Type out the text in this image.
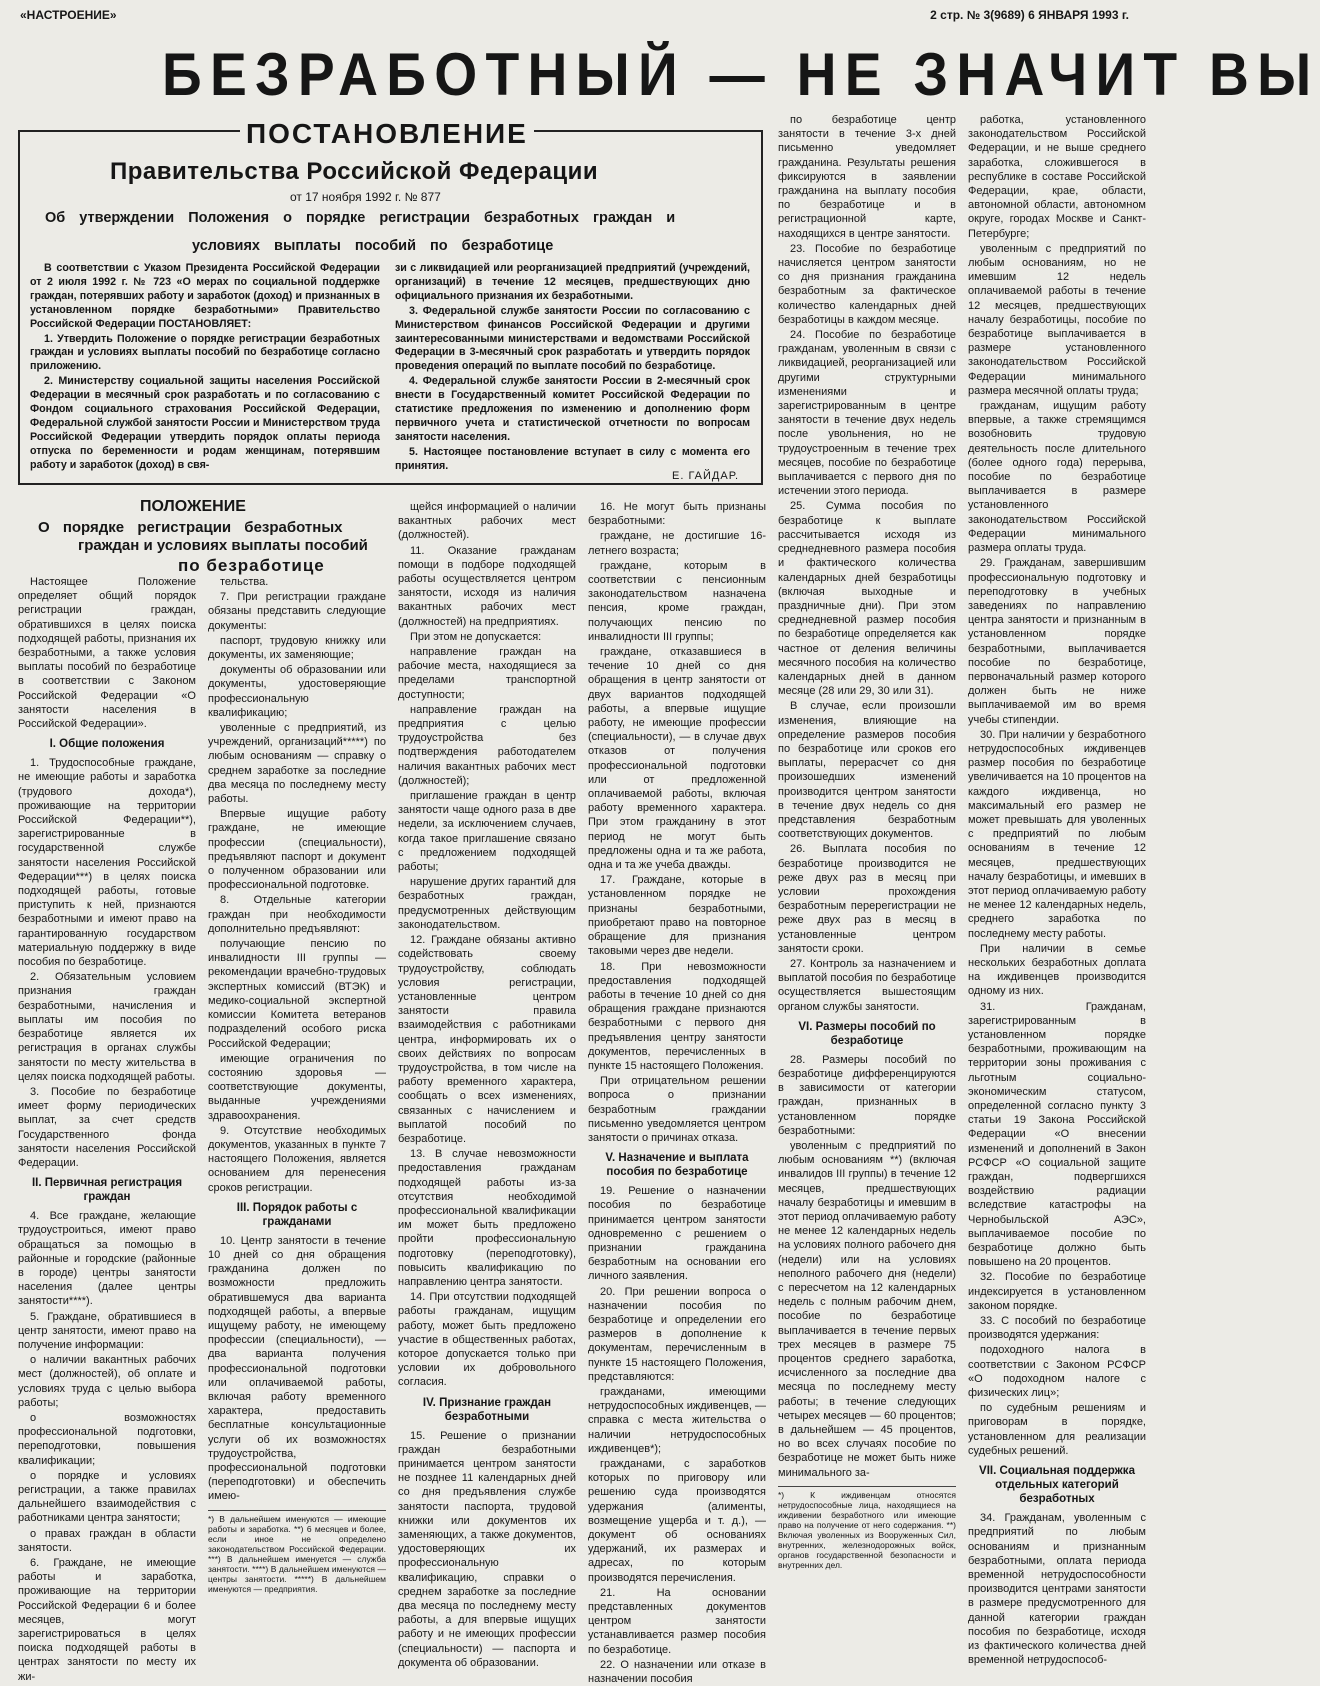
«НАСТРОЕНИЕ»	2 стр. № 3(9689) 6 ЯНВАРЯ 1993 г.
БЕЗРАБОТНЫЙ — НЕ ЗНАЧИТ ВЫ
ПОСТАНОВЛЕНИЕ
Правительства Российской Федерации
от 17 ноября 1992 г. № 877
Об утверждении Положения о порядке регистрации безработных граждан и
условиях выплаты пособий по безработице

В соответствии с Указом Президента Российской Федерации от 2 июля 1992 г. № 723 «О мерах по социальной поддержке граждан, потерявших работу и заработок (доход) и признанных в установленном порядке безработными» Правительство Российской Федерации ПОСТАНОВЛЯЕТ:

1. Утвердить Положение о порядке регистрации безработных граждан и условиях выплаты пособий по безработице согласно приложению.

2. Министерству социальной защиты населения Российской Федерации в месячный срок разработать и по согласованию с Фондом социального страхования Российской Федерации, Федеральной службой занятости России и Министерством труда Российской Федерации утвердить порядок оплаты периода отпуска по беременности и родам женщинам, потерявшим работу и заработок (доход) в свя-

зи с ликвидацией или реорганизацией предприятий (учреждений, организаций) в течение 12 месяцев, предшествующих дню официального признания их безработными.

3. Федеральной службе занятости России по согласованию с Министерством финансов Российской Федерации и другими заинтересованными министерствами и ведомствами Российской Федерации в 3-месячный срок разработать и утвердить порядок проведения операций по выплате пособий по безработице.

4. Федеральной службе занятости России в 2-месячный срок внести в Государственный комитет Российской Федерации по статистике предложения по изменению и дополнению форм первичного учета и статистической отчетности по вопросам занятости населения.

5. Настоящее постановление вступает в силу с момента его принятия.

Е. ГАЙДАР.
ПОЛОЖЕНИЕ
О порядке регистрации безработных
граждан и условиях выплаты пособий
по безработице

Настоящее Положение определяет общий порядок регистрации граждан, обратившихся в целях поиска подходящей работы, признания их безработными, а также условия выплаты пособий по безработице в соответствии с Законом Российской Федерации «О занятости населения в Российской Федерации».

I. Общие положения

1. Трудоспособные граждане, не имеющие работы и заработка (трудового дохода*), проживающие на территории Российской Федерации**), зарегистрированные в государственной службе занятости населения Российской Федерации***) в целях поиска подходящей работы, готовые приступить к ней, признаются безработными и имеют право на гарантированную государством материальную поддержку в виде пособия по безработице.

2. Обязательным условием признания граждан безработными, начисления и выплаты им пособия по безработице является их регистрация в органах службы занятости по месту жительства в целях поиска подходящей работы.

3. Пособие по безработице имеет форму периодических выплат, за счет средств Государственного фонда занятости населения Российской Федерации.

II. Первичная регистрация граждан

4. Все граждане, желающие трудоустроиться, имеют право обращаться за помощью в районные и городские (районные в городе) центры занятости населения (далее центры занятости****).

5. Граждане, обратившиеся в центр занятости, имеют право на получение информации:

о наличии вакантных рабочих мест (должностей), об оплате и условиях труда с целью выбора работы;

о возможностях профессиональной подготовки, переподготовки, повышения квалификации;

о порядке и условиях регистрации, а также правилах дальнейшего взаимодействия с работниками центра занятости;

о правах граждан в области занятости.

6. Граждане, не имеющие работы и заработка, проживающие на территории Российской Федерации 6 и более месяцев, могут зарегистрироваться в целях поиска подходящей работы в центрах занятости по месту их жи-

тельства.

7. При регистрации граждане обязаны представить следующие документы:

паспорт, трудовую книжку или документы, их заменяющие;

документы об образовании или документы, удостоверяющие профессиональную квалификацию;

уволенные с предприятий, из учреждений, организаций*****) по любым основаниям — справку о среднем заработке за последние два месяца по последнему месту работы.

Впервые ищущие работу граждане, не имеющие профессии (специальности), предъявляют паспорт и документ о полученном образовании или профессиональной подготовке.

8. Отдельные категории граждан при необходимости дополнительно предъявляют:

получающие пенсию по инвалидности III группы — рекомендации врачебно-трудовых экспертных комиссий (ВТЭК) и медико-социальной экспертной комиссии Комитета ветеранов подразделений особого риска Российской Федерации;

имеющие ограничения по состоянию здоровья — соответствующие документы, выданные учреждениями здравоохранения.

9. Отсутствие необходимых документов, указанных в пункте 7 настоящего Положения, является основанием для перенесения сроков регистрации.

III. Порядок работы с гражданами

10. Центр занятости в течение 10 дней со дня обращения гражданина должен по возможности предложить обратившемуся два варианта подходящей работы, а впервые ищущему работу, не имеющему профессии (специальности), — два варианта получения профессиональной подготовки или оплачиваемой работы, включая работу временного характера, предоставить бесплатные консультационные услуги об их возможностях трудоустройства, профессиональной подготовки (переподготовки) и обеспечить имею-

*) В дальнейшем именуются — имеющие работы и заработка. **) 6 месяцев и более, если иное не определено законодательством Российской Федерации. ***) В дальнейшем именуется — служба занятости. ****) В дальнейшем именуются — центры занятости. *****) В дальнейшем именуются — предприятия.

щейся информацией о наличии вакантных рабочих мест (должностей).

11. Оказание гражданам помощи в подборе подходящей работы осуществляется центром занятости, исходя из наличия вакантных рабочих мест (должностей) на предприятиях.

При этом не допускается:

направление граждан на рабочие места, находящиеся за пределами транспортной доступности;

направление граждан на предприятия с целью трудоустройства без подтверждения работодателем наличия вакантных рабочих мест (должностей);

приглашение граждан в центр занятости чаще одного раза в две недели, за исключением случаев, когда такое приглашение связано с предложением подходящей работы;

нарушение других гарантий для безработных граждан, предусмотренных действующим законодательством.

12. Граждане обязаны активно содействовать своему трудоустройству, соблюдать условия регистрации, установленные центром занятости правила взаимодействия с работниками центра, информировать их о своих действиях по вопросам трудоустройства, в том числе на работу временного характера, сообщать о всех изменениях, связанных с начислением и выплатой пособий по безработице.

13. В случае невозможности предоставления гражданам подходящей работы из-за отсутствия необходимой профессиональной квалификации им может быть предложено пройти профессиональную подготовку (переподготовку), повысить квалификацию по направлению центра занятости.

14. При отсутствии подходящей работы гражданам, ищущим работу, может быть предложено участие в общественных работах, которое допускается только при условии их добровольного согласия.

IV. Признание граждан безработными

15. Решение о признании граждан безработными принимается центром занятости не позднее 11 календарных дней со дня предъявления службе занятости паспорта, трудовой книжки или документов их заменяющих, а также документов, удостоверяющих их профессиональную квалификацию, справки о среднем заработке за последние два месяца по последнему месту работы, а для впервые ищущих работу и не имеющих профессии (специальности) — паспорта и документа об образовании.

16. Не могут быть признаны безработными:

граждане, не достигшие 16-летнего возраста;

граждане, которым в соответствии с пенсионным законодательством назначена пенсия, кроме граждан, получающих пенсию по инвалидности III группы;

граждане, отказавшиеся в течение 10 дней со дня обращения в центр занятости от двух вариантов подходящей работы, а впервые ищущие работу, не имеющие профессии (специальности), — в случае двух отказов от получения профессиональной подготовки или от предложенной оплачиваемой работы, включая работу временного характера. При этом гражданину в этот период не могут быть предложены одна и та же работа, одна и та же учеба дважды.

17. Граждане, которые в установленном порядке не признаны безработными, приобретают право на повторное обращение для признания таковыми через две недели.

18. При невозможности предоставления подходящей работы в течение 10 дней со дня обращения граждане признаются безработными с первого дня предъявления центру занятости документов, перечисленных в пункте 15 настоящего Положения.

При отрицательном решении вопроса о признании безработным граждании письменно уведомляется центром занятости о причинах отказа.

V. Назначение и выплата пособия по безработице

19. Решение о назначении пособия по безработице принимается центром занятости одновременно с решением о признании гражданина безработным на основании его личного заявления.

20. При решении вопроса о назначении пособия по безработице и определении его размеров в дополнение к документам, перечисленным в пункте 15 настоящего Положения, представляются:

гражданами, имеющими нетрудоспособных иждивенцев, — справка с места жительства о наличии нетрудоспособных иждивенцев*);

гражданами, с заработков которых по приговору или решению суда производятся удержания (алименты, возмещение ущерба и т. д.), — документ об основаниях удержаний, их размерах и адресах, по которым производятся перечисления.

21. На основании представленных документов центром занятости устанавливается размер пособия по безработице.

22. О назначении или отказе в назначении пособия

по безработице центр занятости в течение 3-х дней письменно уведомляет гражданина. Результаты решения фиксируются в заявлении гражданина на выплату пособия по безработице и в регистрационной карте, находящихся в центре занятости.

23. Пособие по безработице начисляется центром занятости со дня признания гражданина безработным за фактическое количество календарных дней безработицы в каждом месяце.

24. Пособие по безработице гражданам, уволенным в связи с ликвидацией, реорганизацией или другими структурными изменениями и зарегистрированным в центре занятости в течение двух недель после увольнения, но не трудоустроенным в течение трех месяцев, пособие по безработице выплачивается с первого дня по истечении этого периода.

25. Сумма пособия по безработице к выплате рассчитывается исходя из среднедневного размера пособия и фактического количества календарных дней безработицы (включая выходные и праздничные дни). При этом среднедневной размер пособия по безработице определяется как частное от деления величины месячного пособия на количество календарных дней в данном месяце (28 или 29, 30 или 31).

В случае, если произошли изменения, влияющие на определение размеров пособия по безработице или сроков его выплаты, перерасчет со дня произошедших изменений производится центром занятости в течение двух недель со дня представления безработным соответствующих документов.

26. Выплата пособия по безработице производится не реже двух раз в месяц при условии прохождения безработным перерегистрации не реже двух раз в месяц в установленные центром занятости сроки.

27. Контроль за назначением и выплатой пособия по безработице осуществляется вышестоящим органом службы занятости.

VI. Размеры пособий по безработице

28. Размеры пособий по безработице дифференцируются в зависимости от категории граждан, признанных в установленном порядке безработными:

уволенным с предприятий по любым основаниям **) (включая инвалидов III группы) в течение 12 месяцев, предшествующих началу безработицы и имевшим в этот период оплачиваемую работу не менее 12 календарных недель на условиях полного рабочего дня (недели) или на условиях неполного рабочего дня (недели) с пересчетом на 12 календарных недель с полным рабочим днем, пособие по безработице выплачивается в течение первых трех месяцев в размере 75 процентов среднего заработка, исчисленного за последние два месяца по последнему месту работы; в течение следующих четырех месяцев — 60 процентов; в дальнейшем — 45 процентов, но во всех случаях пособие по безработице не может быть ниже минимального за-

*) К иждивенцам относятся нетрудоспособные лица, находящиеся на иждивении безработного или имеющие право на получение от него содержания. **) Включая уволенных из Вооруженных Сил, внутренних, железнодорожных войск, органов государственной безопасности и внутренних дел.

работка, установленного законодательством Российской Федерации, и не выше среднего заработка, сложившегося в республике в составе Российской Федерации, крае, области, автономной области, автономном округе, городах Москве и Санкт-Петербурге;

уволенным с предприятий по любым основаниям, но не имевшим 12 недель оплачиваемой работы в течение 12 месяцев, предшествующих началу безработицы, пособие по безработице выплачивается в размере установленного законодательством Российской Федерации минимального размера месячной оплаты труда;

гражданам, ищущим работу впервые, а также стремящимся возобновить трудовую деятельность после длительного (более одного года) перерыва, пособие по безработице выплачивается в размере установленного законодательством Российской Федерации минимального размера оплаты труда.

29. Гражданам, завершившим профессиональную подготовку и переподготовку в учебных заведениях по направлению центра занятости и признанным в установленном порядке безработными, выплачивается пособие по безработице, первоначальный размер которого должен быть не ниже выплачиваемой им во время учебы стипендии.

30. При наличии у безработного нетрудоспособных иждивенцев размер пособия по безработице увеличивается на 10 процентов на каждого иждивенца, но максимальный его размер не может превышать для уволенных с предприятий по любым основаниям в течение 12 месяцев, предшествующих началу безработицы, и имевших в этот период оплачиваемую работу не менее 12 календарных недель, среднего заработка по последнему месту работы.

При наличии в семье нескольких безработных доплата на иждивенцев производится одному из них.

31. Гражданам, зарегистрированным в установленном порядке безработными, проживающим на территории зоны проживания с льготным социально-экономическим статусом, определенной согласно пункту 3 статьи 19 Закона Российской Федерации «О внесении изменений и дополнений в Закон РСФСР «О социальной защите граждан, подвергшихся воздействию радиации вследствие катастрофы на Чернобыльской АЭС», выплачиваемое пособие по безработице должно быть повышено на 20 процентов.

32. Пособие по безработице индексируется в установленном законом порядке.

33. С пособий по безработице производятся удержания:

подоходного налога в соответствии с Законом РСФСР «О подоходном налоге с физических лиц»;

по судебным решениям и приговорам в порядке, установленном для реализации судебных решений.

VII. Социальная поддержка отдельных категорий безработных

34. Гражданам, уволенным с предприятий по любым основаниям и признанным безработными, оплата периода временной нетрудоспособности производится центрами занятости в размере предусмотренного для данной категории граждан пособия по безработице, исходя из фактического количества дней временной нетрудоспособ-
